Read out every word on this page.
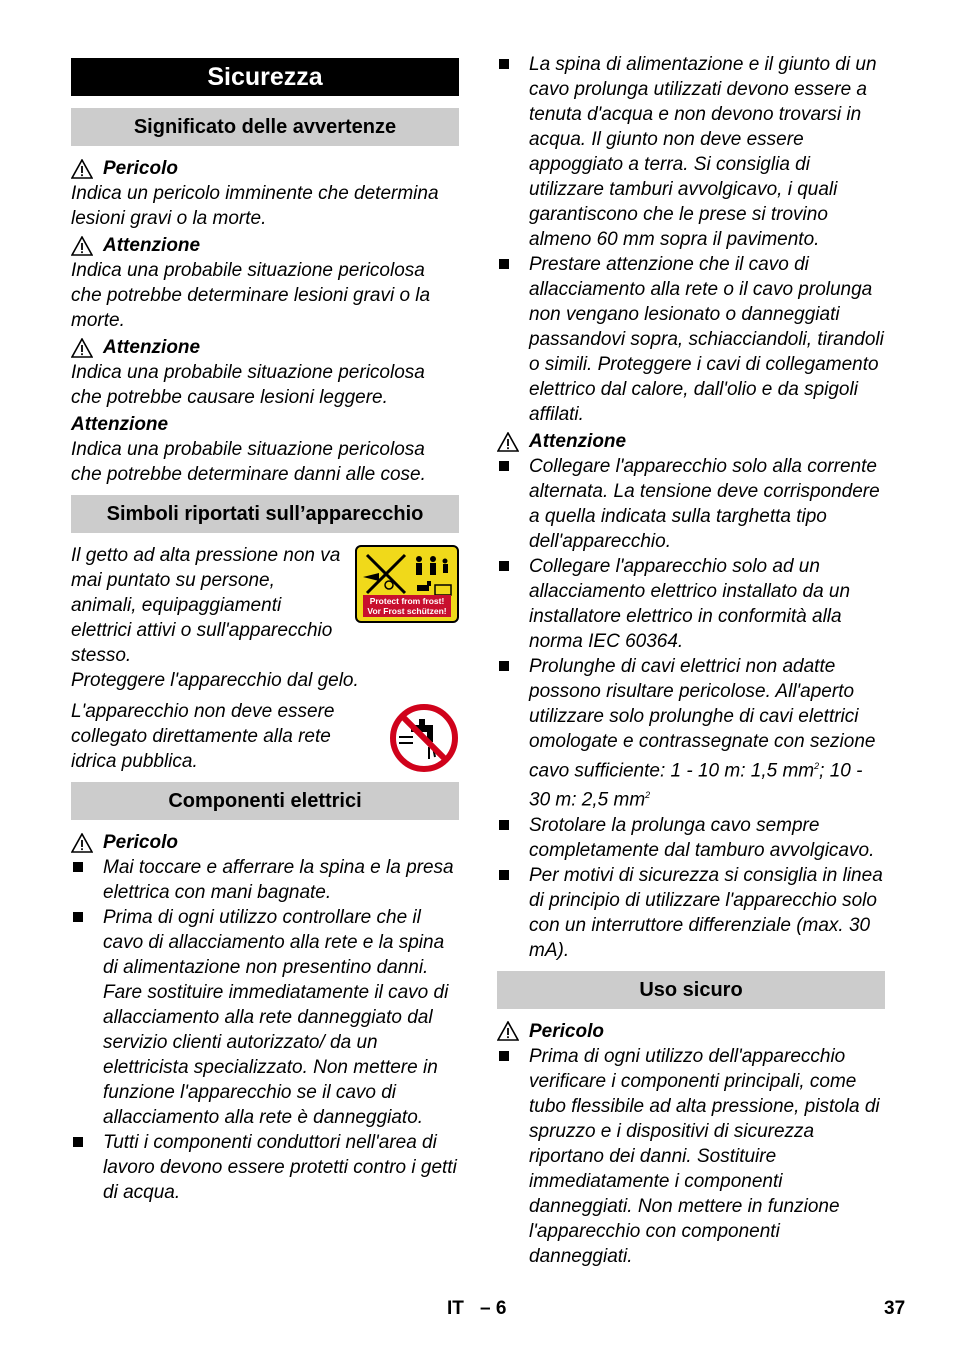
Sicurezza
Significato delle avvertenze
Pericolo

Indica un pericolo imminente che determina lesioni gravi o la morte.

Attenzione

Indica una probabile situazione pericolosa che potrebbe determinare lesioni gravi o la morte.

Attenzione

Indica una probabile situazione pericolosa che potrebbe causare lesioni leggere.

Attenzione

Indica una probabile situazione pericolosa che potrebbe determinare danni alle cose.

Simboli riportati sull’apparecchio

Il getto ad alta pressione non va mai puntato su persone, animali, equipaggiamenti elettrici attivi o sull'apparecchio stesso.

Protect from frost!
Vor Frost schützen!

Proteggere l'apparecchio dal gelo.

L'apparecchio non deve essere collegato direttamente alla rete idrica pubblica.

Componenti elettrici
Pericolo
Mai toccare e afferrare la spina e la presa elettrica con mani bagnate.
Prima di ogni utilizzo controllare che il cavo di allacciamento alla rete e la spina di alimentazione non presentino danni. Fare sostituire immediatamente il cavo di allacciamento alla rete danneggiato dal servizio clienti autorizzato/ da un elettricista specializzato. Non mettere in funzione l'apparecchio se il cavo di allacciamento alla rete è danneggiato.
Tutti i componenti conduttori nell'area di lavoro devono essere protetti contro i getti di acqua.
La spina di alimentazione e il giunto di un cavo prolunga utilizzati devono essere a tenuta d'acqua e non devono trovarsi in acqua. Il giunto non deve essere appoggiato a terra. Si consiglia di utilizzare tamburi avvolgicavo, i quali garantiscono che le prese si trovino almeno 60 mm sopra il pavimento.
Prestare attenzione che il cavo di allacciamento alla rete o il cavo prolunga non vengano lesionato o danneggiati passandovi sopra, schiacciandoli, tirandoli o simili. Proteggere i cavi di collegamento elettrico dal calore, dall'olio e da spigoli affilati.
Attenzione
Collegare l'apparecchio solo alla corrente alternata. La tensione deve corrispondere a quella indicata sulla targhetta tipo dell'apparecchio.
Collegare l'apparecchio solo ad un allacciamento elettrico installato da un installatore elettrico in conformità alla norma IEC 60364.
Prolunghe di cavi elettrici non adatte possono risultare pericolose. All'aperto utilizzare solo prolunghe di cavi elettrici omologate e contrassegnate con sezione cavo sufficiente: 1 - 10 m: 1,5 $mm^2$; 10 - 30 m: 2,5 $mm^2$
Srotolare la prolunga cavo sempre completamente dal tamburo avvolgicavo.
Per motivi di sicurezza si consiglia in linea di principio di utilizzare l'apparecchio solo con un interruttore differenziale (max. 30 mA).
Uso sicuro
Pericolo
Prima di ogni utilizzo dell'apparecchio verificare i componenti principali, come tubo flessibile ad alta pressione, pistola di spruzzo e i dispositivi di sicurezza riportano dei danni. Sostituire immediatamente i componenti danneggiati. Non mettere in funzione l'apparecchio con componenti danneggiati.
IT – 6	37
